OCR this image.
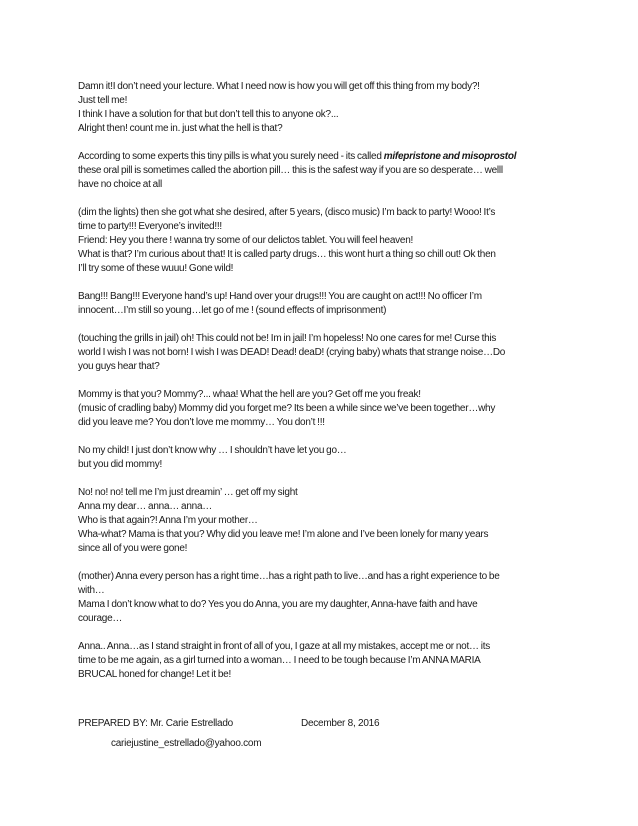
Damn it!I don’t need your lecture. What I need now is how you will get off this thing from my body?!
Just tell me!
I think I have a solution for that but don’t tell this to anyone ok?...
Alright then! count me in. just what the hell is that?
According to some experts this tiny pills is what you surely need - its called mifepristone and misoprostol
these oral pill is sometimes called the abortion pill… this is the safest way if you are so desperate… welll
have no choice at all
(dim the lights) then she got what she desired, after 5 years, (disco music) I’m back to party! Wooo! It’s
time to party!!! Everyone’s invited!!!
Friend: Hey you there ! wanna try some of our delictos tablet. You will feel heaven!
What is that? I’m curious about that! It is called party drugs… this wont hurt a thing so chill out! Ok then
I’ll try some of these wuuu! Gone wild!
Bang!!! Bang!!! Everyone hand’s up! Hand over your drugs!!! You are caught on act!!! No officer I’m
innocent…I’m still so young…let go of me ! (sound effects of imprisonment)
(touching the grills in jail) oh! This could not be! Im in jail! I’m hopeless! No one cares for me! Curse this
world I wish I was not born! I wish I was DEAD! Dead! deaD! (crying baby) whats that strange noise…Do
you guys hear that?
Mommy is that you? Mommy?... whaa! What the hell are you? Get off me you freak!
(music of cradling baby) Mommy did you forget me? Its been a while since we’ve been together…why
did you leave me? You don’t love me mommy… You don’t !!!
No my child! I just don’t know why … I shouldn’t have let you go…
but you did mommy!
No! no! no! tell me I’m just dreamin’ … get off my sight
Anna my dear… anna… anna…
Who is that again?! Anna I’m your mother…
Wha-what? Mama is that you? Why did you leave me! I’m alone and I’ve been lonely for many years
since all of you were gone!
(mother) Anna every person has a right time…has a right path to live…and has a right experience to be
with…
Mama I don’t know what to do? Yes you do Anna, you are my daughter, Anna-have faith and have
courage…
Anna.. Anna…as I stand straight in front of all of you, I gaze at all my mistakes, accept me or not… its
time to be me again, as a girl turned into a woman… I need to be tough because I’m ANNA MARIA
BRUCAL honed for change! Let it be!
PREPARED BY: Mr. Carie Estrellado	December 8, 2016
cariejustine_estrellado@yahoo.com
